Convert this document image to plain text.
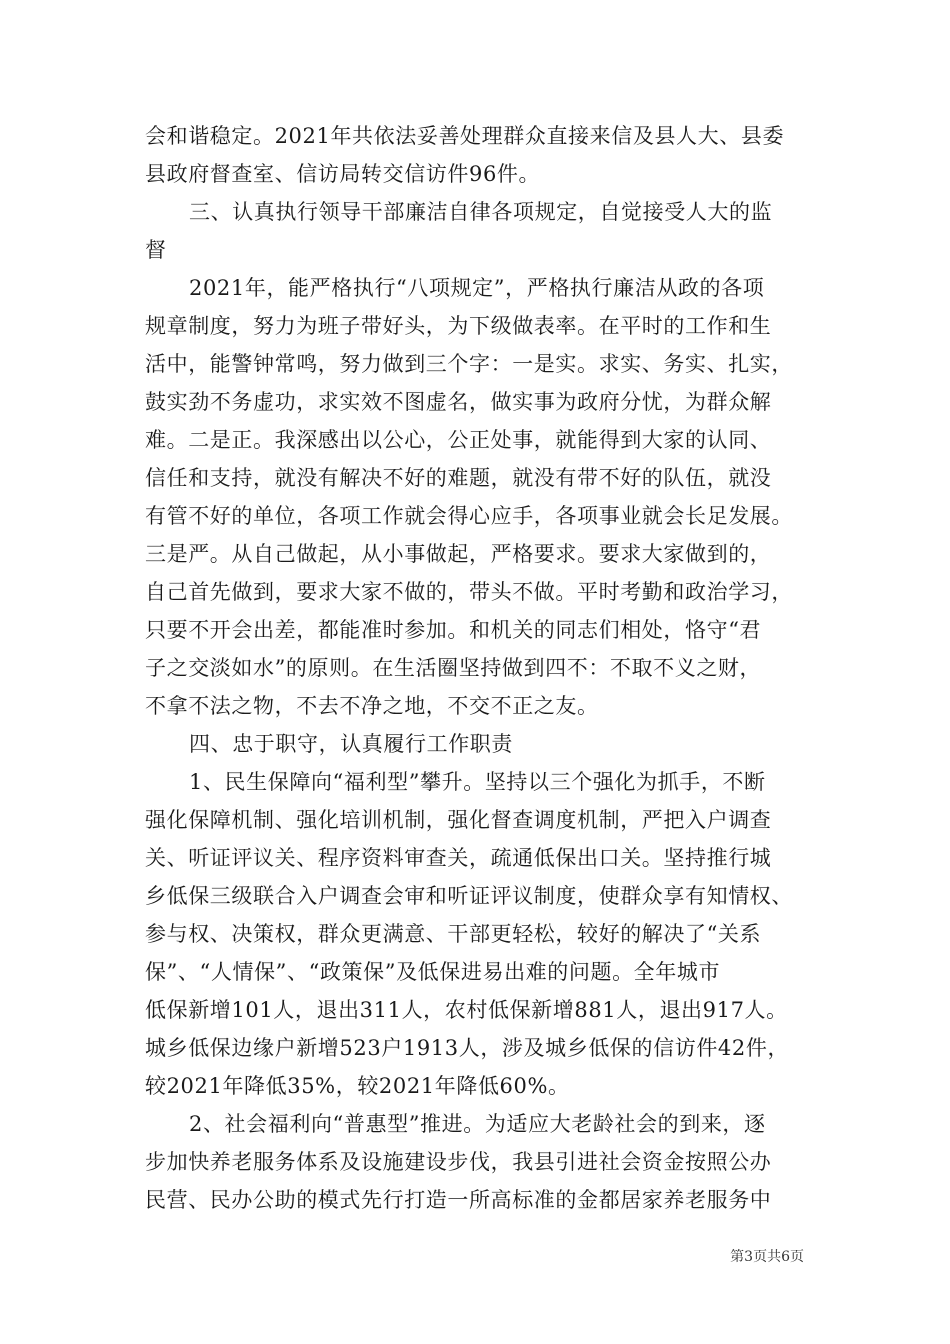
会和谐稳定。2021年共依法妥善处理群众直接来信及县人大、县委
县政府督查室、信访局转交信访件96件。
三、认真执行领导干部廉洁自律各项规定，自觉接受人大的监
督
2021年，能严格执行“八项规定”，严格执行廉洁从政的各项
规章制度，努力为班子带好头，为下级做表率。在平时的工作和生
活中，能警钟常鸣，努力做到三个字：一是实。求实、务实、扎实，
鼓实劲不务虚功，求实效不图虚名，做实事为政府分忧，为群众解
难。二是正。我深感出以公心，公正处事，就能得到大家的认同、
信任和支持，就没有解决不好的难题，就没有带不好的队伍，就没
有管不好的单位，各项工作就会得心应手，各项事业就会长足发展。
三是严。从自己做起，从小事做起，严格要求。要求大家做到的，
自己首先做到，要求大家不做的，带头不做。平时考勤和政治学习，
只要不开会出差，都能准时参加。和机关的同志们相处，恪守“君
子之交淡如水”的原则。在生活圈坚持做到四不：不取不义之财，
不拿不法之物，不去不净之地，不交不正之友。
四、忠于职守，认真履行工作职责
1、民生保障向“福利型”攀升。坚持以三个强化为抓手，不断
强化保障机制、强化培训机制，强化督查调度机制，严把入户调查
关、听证评议关、程序资料审查关，疏通低保出口关。坚持推行城
乡低保三级联合入户调查会审和听证评议制度，使群众享有知情权、
参与权、决策权，群众更满意、干部更轻松，较好的解决了“关系
保”、“人情保”、“政策保”及低保进易出难的问题。全年城市
低保新增101人，退出311人，农村低保新增881人，退出917人。
城乡低保边缘户新增523户1913人，涉及城乡低保的信访件42件，
较2021年降低35%，较2021年降低60%。
2、社会福利向“普惠型”推进。为适应大老龄社会的到来，逐
步加快养老服务体系及设施建设步伐，我县引进社会资金按照公办
民营、民办公助的模式先行打造一所高标准的金都居家养老服务中
第3页共6页
